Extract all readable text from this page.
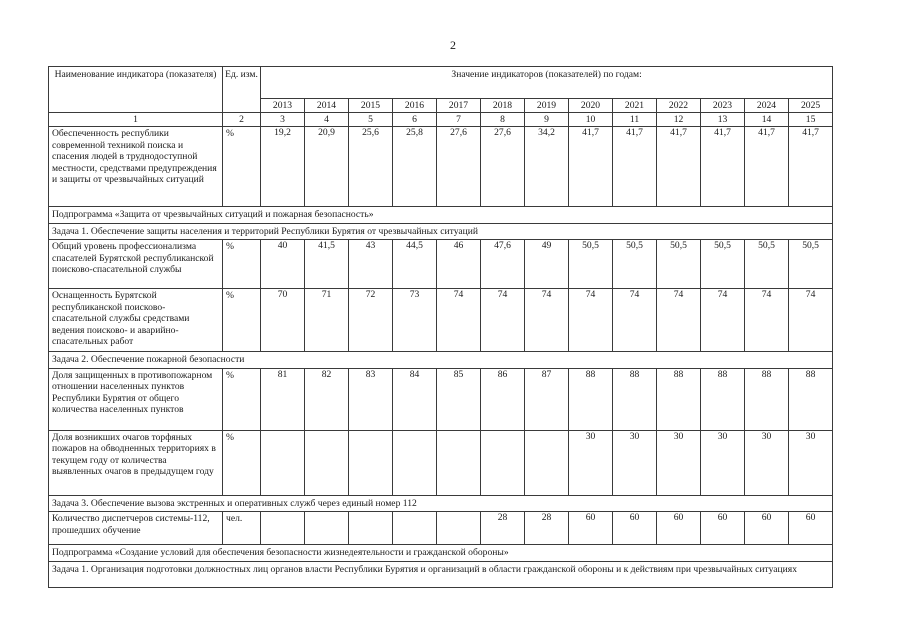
2
Наименование индикатора (показателя)	Ед. изм.	Значение индикаторов (показателей) по годам:												
		2013	2014	2015	2016	2017	2018	2019	2020	2021	2022	2023	2024	2025
1	2	3	4	5	6	7	8	9	10	11	12	13	14	15
Обеспеченность республики современной техникой поиска и спасения людей в труднодоступной местности, средствами предупреждения и защиты от чрезвычайных ситуаций	%	19,2	20,9	25,6	25,8	27,6	27,6	34,2	41,7	41,7	41,7	41,7	41,7	41,7
Подпрограмма «Защита от чрезвычайных ситуаций и пожарная безопасность»														
Задача 1. Обеспечение защиты населения и территорий Республики Бурятия от чрезвычайных ситуаций														
Общий уровень профессионализма спасателей Бурятской республиканской поисково-спасательной службы	%	40	41,5	43	44,5	46	47,6	49	50,5	50,5	50,5	50,5	50,5	50,5
Оснащенность Бурятской республиканской поисково-спасательной службы средствами ведения поисково- и аварийно-спасательных работ	%	70	71	72	73	74	74	74	74	74	74	74	74	74
Задача 2. Обеспечение пожарной безопасности														
Доля защищенных в противопожарном отношении населенных пунктов Республики Бурятия от общего количества населенных пунктов	%	81	82	83	84	85	86	87	88	88	88	88	88	88
Доля возникших очагов торфяных пожаров на обводненных территориях в текущем году от количества выявленных очагов в предыдущем году	%								30	30	30	30	30	30
Задача 3. Обеспечение вызова экстренных и оперативных служб через единый номер 112														
Количество диспетчеров системы-112, прошедших обучение	чел.						28	28	60	60	60	60	60	60
Подпрограмма «Создание условий для обеспечения безопасности жизнедеятельности и гражданской обороны»														
Задача 1. Организация подготовки должностных лиц органов власти Республики Бурятия и организаций в области гражданской обороны и к действиям при чрезвычайных ситуациях														
